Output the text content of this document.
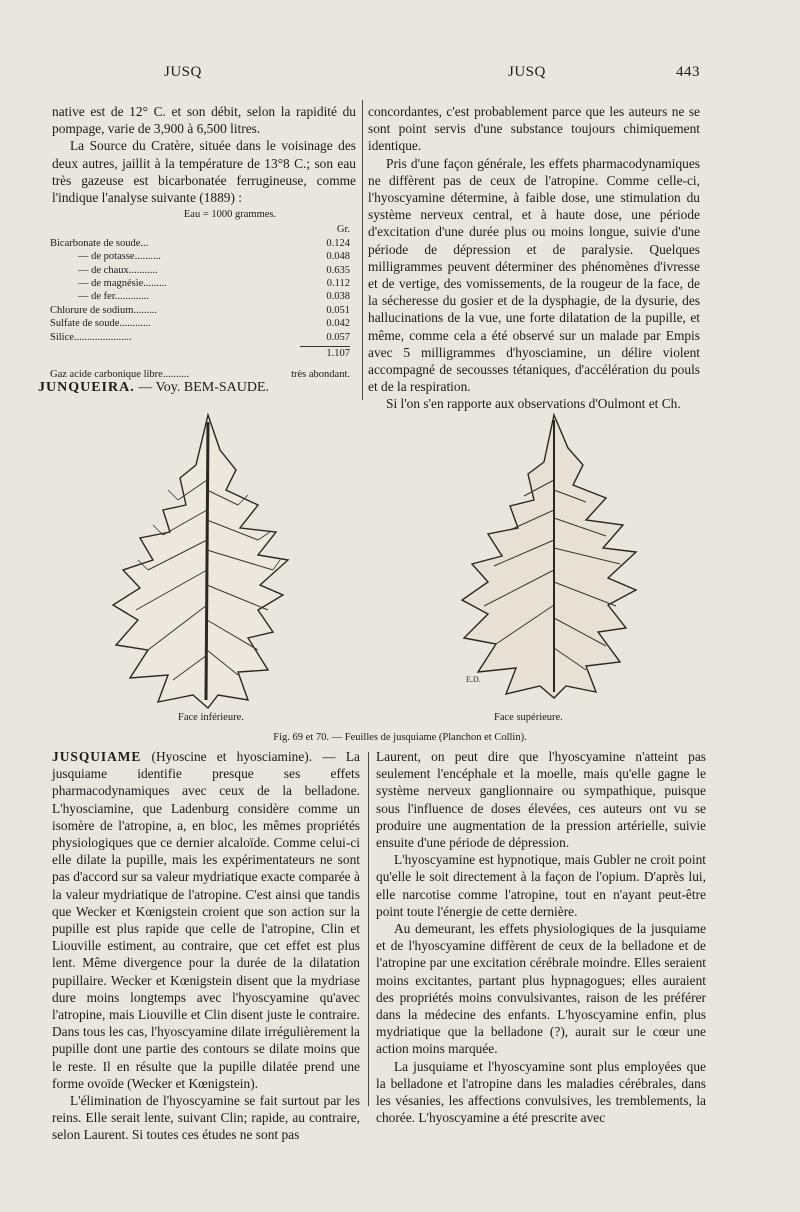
JUSQ	JUSQ	443

native est de 12° C. et son débit, selon la rapidité du pompage, varie de 3,900 à 6,500 litres.

La Source du Cratère, située dans le voisinage des deux autres, jaillit à la température de 13°8 C.; son eau très gazeuse est bicarbonatée ferrugineuse, comme l'indique l'analyse suivante (1889) :

Eau = 1000 grammes.
Gr.
Bicarbonate de soude...	0.124
— de potasse..........	0.048
— de chaux...........	0.635
— de magnésie.........	0.112
— de fer.............	0.038
Chlorure de sodium.........	0.051
Sulfate de soude............	0.042
Silice......................	0.057
1.107
Gaz acide carbonique libre..........	très abondant.
JUNQUEIRA. — Voy. BEM-SAUDE.

concordantes, c'est probablement parce que les auteurs ne se sont point servis d'une substance toujours chimiquement identique.

Pris d'une façon générale, les effets pharmacodynamiques ne diffèrent pas de ceux de l'atropine. Comme celle-ci, l'hyoscyamine détermine, à faible dose, une stimulation du système nerveux central, et à haute dose, une période d'excitation d'une durée plus ou moins longue, suivie d'une période de dépression et de paralysie. Quelques milligrammes peuvent déterminer des phénomènes d'ivresse et de vertige, des vomissements, de la rougeur de la face, de la sécheresse du gosier et de la dysphagie, de la dysurie, des hallucinations de la vue, une forte dilatation de la pupille, et même, comme cela a été observé sur un malade par Empis avec 5 milligrammes d'hyosciamine, un délire violent accompagné de secousses tétaniques, d'accélération du pouls et de la respiration.

Si l'on s'en rapporte aux observations d'Oulmont et Ch.

E.D.
Face inférieure.	Face supérieure.
Fig. 69 et 70. — Feuilles de jusquiame (Planchon et Collin).

JUSQUIAME (Hyoscine et hyosciamine). — La jusquiame identifie presque ses effets pharmacodynamiques avec ceux de la belladone. L'hyosciamine, que Ladenburg considère comme un isomère de l'atropine, a, en bloc, les mêmes propriétés physiologiques que ce dernier alcaloïde. Comme celui-ci elle dilate la pupille, mais les expérimentateurs ne sont pas d'accord sur sa valeur mydriatique exacte comparée à la valeur mydriatique de l'atropine. C'est ainsi que tandis que Wecker et Kœnigstein croient que son action sur la pupille est plus rapide que celle de l'atropine, Clin et Liouville estiment, au contraire, que cet effet est plus lent. Même divergence pour la durée de la dilatation pupillaire. Wecker et Kœnigstein disent que la mydriase dure moins longtemps avec l'hyoscyamine qu'avec l'atropine, mais Liouville et Clin disent juste le contraire. Dans tous les cas, l'hyoscyamine dilate irrégulièrement la pupille dont une partie des contours se dilate moins que le reste. Il en résulte que la pupille dilatée prend une forme ovoïde (Wecker et Kœnigstein).

L'élimination de l'hyoscyamine se fait surtout par les reins. Elle serait lente, suivant Clin; rapide, au contraire, selon Laurent. Si toutes ces études ne sont pas

Laurent, on peut dire que l'hyoscyamine n'atteint pas seulement l'encéphale et la moelle, mais qu'elle gagne le système nerveux ganglionnaire ou sympathique, puisque sous l'influence de doses élevées, ces auteurs ont vu se produire une augmentation de la pression artérielle, suivie ensuite d'une période de dépression.

L'hyoscyamine est hypnotique, mais Gubler ne croit point qu'elle le soit directement à la façon de l'opium. D'après lui, elle narcotise comme l'atropine, tout en n'ayant peut-être point toute l'énergie de cette dernière.

Au demeurant, les effets physiologiques de la jusquiame et de l'hyoscyamine diffèrent de ceux de la belladone et de l'atropine par une excitation cérébrale moindre. Elles seraient moins excitantes, partant plus hypnagogues; elles auraient des propriétés moins convulsivantes, raison de les préférer dans la médecine des enfants. L'hyoscyamine enfin, plus mydriatique que la belladone (?), aurait sur le cœur une action moins marquée.

La jusquiame et l'hyoscyamine sont plus employées que la belladone et l'atropine dans les maladies cérébrales, dans les vésanies, les affections convulsives, les tremblements, la chorée. L'hyoscyamine a été prescrite avec
